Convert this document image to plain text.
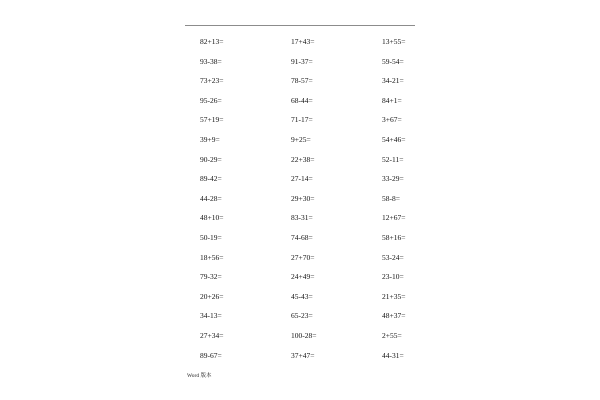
82+13=	17+43=	13+55=
93-38=	91-37=	59-54=
73+23=	78-57=	34-21=
95-26=	68-44=	84+1=
57+19=	71-17=	3+67=
39+9=	9+25=	54+46=
90-29=	22+38=	52-11=
89-42=	27-14=	33-29=
44-28=	29+30=	58-8=
48+10=	83-31=	12+67=
50-19=	74-68=	58+16=
18+56=	27+70=	53-24=
79-32=	24+49=	23-10=
20+26=	45-43=	21+35=
34-13=	65-23=	48+37=
27+34=	100-28=	2+55=
89-67=	37+47=	44-31=
Word 版本
